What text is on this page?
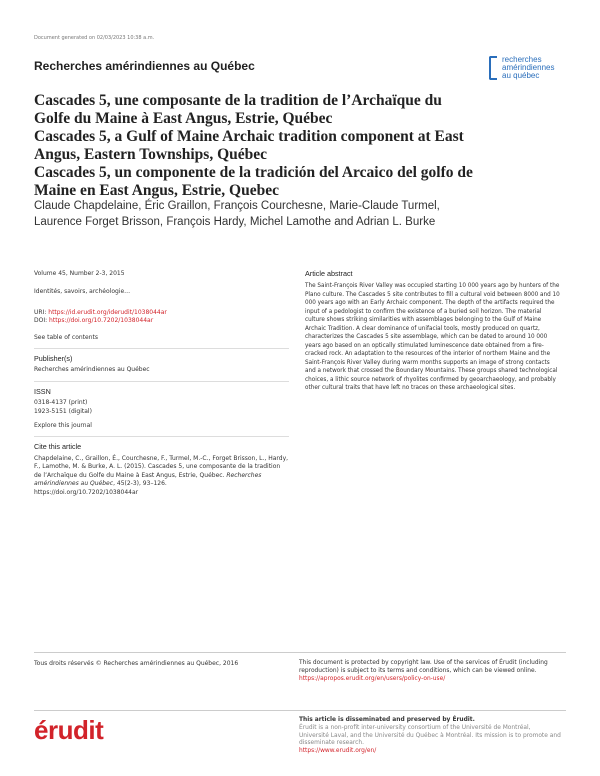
Document generated on 02/03/2023 10:38 a.m.
Recherches amérindiennes au Québec	recherches
amérindiennes
au québec
Cascades 5, une composante de la tradition de l’Archaïque du Golfe du Maine à East Angus, Estrie, Québec
Cascades 5, a Gulf of Maine Archaic tradition component at East Angus, Eastern Townships, Québec
Cascades 5, un componente de la tradición del Arcaico del golfo de Maine en East Angus, Estrie, Quebec
Claude Chapdelaine, Éric Graillon, François Courchesne, Marie-Claude Turmel, Laurence Forget Brisson, François Hardy, Michel Lamothe and Adrian L. Burke
Volume 45, Number 2-3, 2015
Identités, savoirs, archéologie…
URI: https://id.erudit.org/iderudit/1038044ar
DOI: https://doi.org/10.7202/1038044ar
See table of contents
Publisher(s)
Recherches amérindiennes au Québec
ISSN
0318-4137 (print)
1923-5151 (digital)
Explore this journal
Cite this article
Chapdelaine, C., Graillon, É., Courchesne, F., Turmel, M.-C., Forget Brisson, L., Hardy, F., Lamothe, M. & Burke, A. L. (2015). Cascades 5, une composante de la tradition de l’Archaïque du Golfe du Maine à East Angus, Estrie, Québec. Recherches amérindiennes au Québec, 45(2-3), 93–126.
https://doi.org/10.7202/1038044ar
Article abstract
The Saint-François River Valley was occupied starting 10 000 years ago by hunters of the Plano culture. The Cascades 5 site contributes to fill a cultural void between 8000 and 10 000 years ago with an Early Archaic component. The depth of the artifacts required the input of a pedologist to confirm the existence of a buried soil horizon. The material culture shows striking similarities with assemblages belonging to the Gulf of Maine Archaic Tradition. A clear dominance of unifacial tools, mostly produced on quartz, characterizes the Cascades 5 site assemblage, which can be dated to around 10 000 years ago based on an optically stimulated luminescence date obtained from a fire-cracked rock. An adaptation to the resources of the interior of northern Maine and the Saint-François River Valley during warm months supports an image of strong contacts and a network that crossed the Boundary Mountains. These groups shared technological choices, a lithic source network of rhyolites confirmed by geoarchaeology, and probably other cultural traits that have left no traces on these archaeological sites.
Tous droits réservés © Recherches amérindiennes au Québec, 2016	This document is protected by copyright law. Use of the services of Érudit (including reproduction) is subject to its terms and conditions, which can be viewed online.
https://apropos.erudit.org/en/users/policy-on-use/
érudit	This article is disseminated and preserved by Érudit.
Érudit is a non-profit inter-university consortium of the Université de Montréal, Université Laval, and the Université du Québec à Montréal. Its mission is to promote and disseminate research.
https://www.erudit.org/en/
